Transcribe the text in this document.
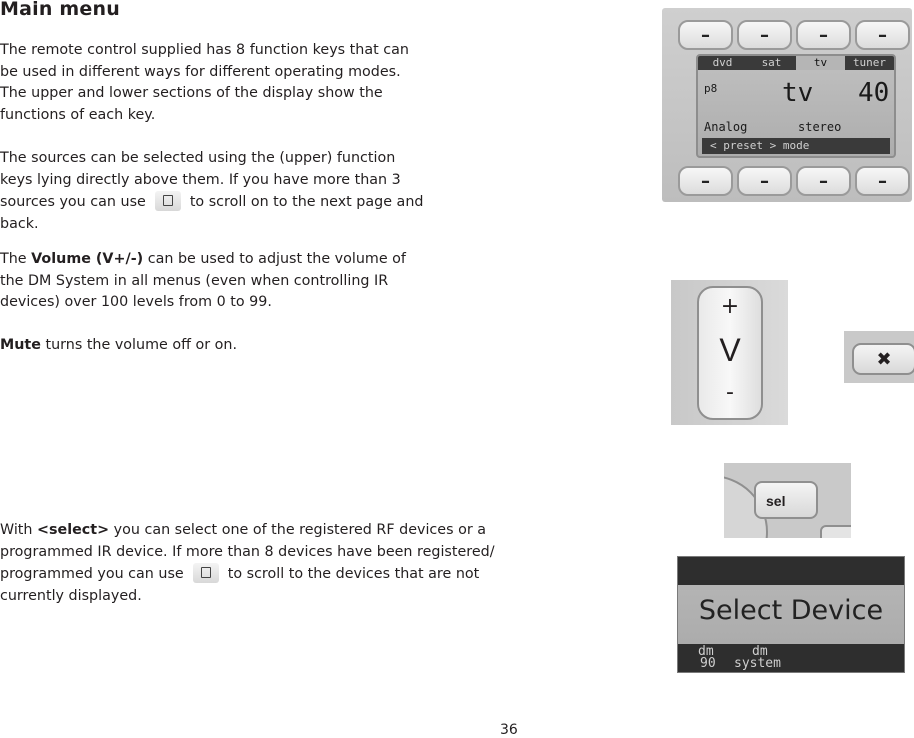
Main menu
The remote control supplied has 8 function keys that can be used in different ways for different operating modes. The upper and lower sections of the display show the functions of each key.
The sources can be selected using the (upper) function keys lying directly above them. If you have more than 3 sources you can use	to scroll on to the next page and back.
The Volume (V+/-) can be used to adjust the volume of the DM System in all menus (even when controlling IR devices) over 100 levels from 0 to 99.
Mute turns the volume off or on.
With <select> you can select one of the registered RF devices or a programmed IR device. If more than 8 devices have been registered/ programmed you can use	to scroll to the devices that are not currently displayed.
36
–	–	–	–
dvd	sat	tv	tuner
p8 tv 40
Analog	stereo
< preset > mode
–	–	–	–
+
V
-
✖
sel
Select Device
dm	dm
90 system
